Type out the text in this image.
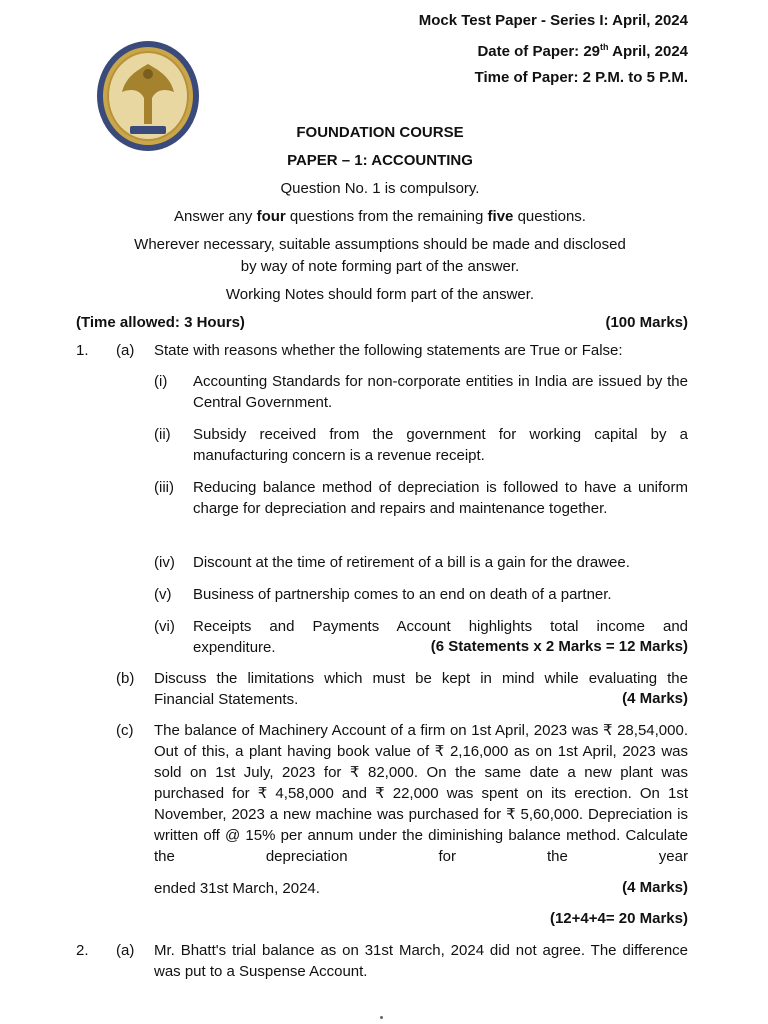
Mock Test Paper - Series I: April, 2024
Date of Paper: 29th April, 2024
Time of Paper: 2 P.M. to 5 P.M.
FOUNDATION COURSE
PAPER – 1: ACCOUNTING
Question No. 1 is compulsory.
Answer any four questions from the remaining five questions.
Wherever necessary, suitable assumptions should be made and disclosed
by way of note forming part of the answer.
Working Notes should form part of the answer.
(Time allowed: 3 Hours)	(100 Marks)
1. (a) State with reasons whether the following statements are True or False:
(i) Accounting Standards for non-corporate entities in India are issued by the Central Government.
(ii) Subsidy received from the government for working capital by a manufacturing concern is a revenue receipt.
(iii) Reducing balance method of depreciation is followed to have a uniform charge for depreciation and repairs and maintenance together.
(iv) Discount at the time of retirement of a bill is a gain for the drawee.
(v) Business of partnership comes to an end on death of a partner.
(vi) Receipts and Payments Account highlights total income and
expenditure.	(6 Statements x 2 Marks = 12 Marks)
(b) Discuss the limitations which must be kept in mind while evaluating the
Financial Statements.	(4 Marks)
(c) The balance of Machinery Account of a firm on 1st April, 2023 was ₹ 28,54,000. Out of this, a plant having book value of ₹ 2,16,000 as on 1st April, 2023 was sold on 1st July, 2023 for ₹ 82,000. On the same date a new plant was purchased for ₹ 4,58,000 and ₹ 22,000 was spent on its erection. On 1st November, 2023 a new machine was purchased for ₹ 5,60,000. Depreciation is written off @ 15% per annum under the diminishing balance method. Calculate the depreciation for the year
ended 31st March, 2024.	(4 Marks)
(12+4+4= 20 Marks)
2. (a) Mr. Bhatt's trial balance as on 31st March, 2024 did not agree. The difference was put to a Suspense Account.
